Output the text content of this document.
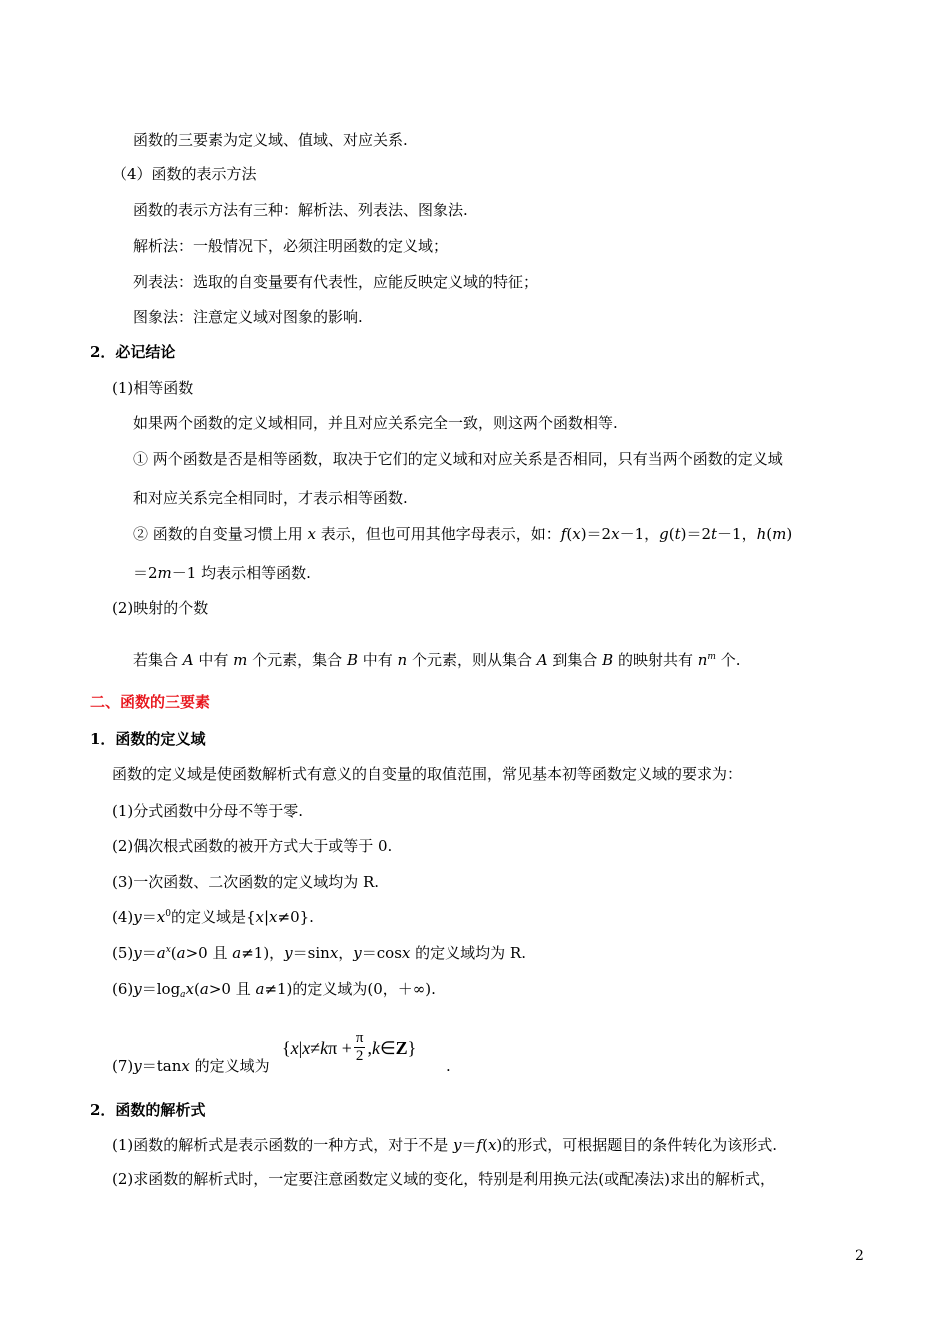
函数的三要素为定义域、值域、对应关系.
（4）函数的表示方法
函数的表示方法有三种：解析法、列表法、图象法.
解析法：一般情况下，必须注明函数的定义域；
列表法：选取的自变量要有代表性，应能反映定义域的特征；
图象法：注意定义域对图象的影响.
2．必记结论
(1)相等函数
如果两个函数的定义域相同，并且对应关系完全一致，则这两个函数相等.
① 两个函数是否是相等函数，取决于它们的定义域和对应关系是否相同，只有当两个函数的定义域
和对应关系完全相同时，才表示相等函数.
② 函数的自变量习惯上用 x 表示，但也可用其他字母表示，如：f(x)＝2x－1，g(t)＝2t－1，h(m)
＝2m－1 均表示相等函数.
(2)映射的个数
若集合 A 中有 m 个元素，集合 B 中有 n 个元素，则从集合 A 到集合 B 的映射共有 $n^m$ 个.
二、函数的三要素
1．函数的定义域
函数的定义域是使函数解析式有意义的自变量的取值范围，常见基本初等函数定义域的要求为：
(1)分式函数中分母不等于零.
(2)偶次根式函数的被开方式大于或等于 0.
(3)一次函数、二次函数的定义域均为 R.
$(4)y=x^0$的定义域是{x|x≠0}.
$(5)y=a^x(a>0$ 且 a≠1)，y＝sinx，y＝cosx 的定义域均为 R.
$(6)y=\log_ax(a>0$ 且 a≠1)的定义域为(0，＋∞).
(7)y＝tanx 的定义域为
{ x | x ≠ k $\pi + \frac{\pi}{2}$ , k ∈ Z }
.
2．函数的解析式
(1)函数的解析式是表示函数的一种方式，对于不是 y＝f(x)的形式，可根据题目的条件转化为该形式.
(2)求函数的解析式时，一定要注意函数定义域的变化，特别是利用换元法(或配凑法)求出的解析式，
2
